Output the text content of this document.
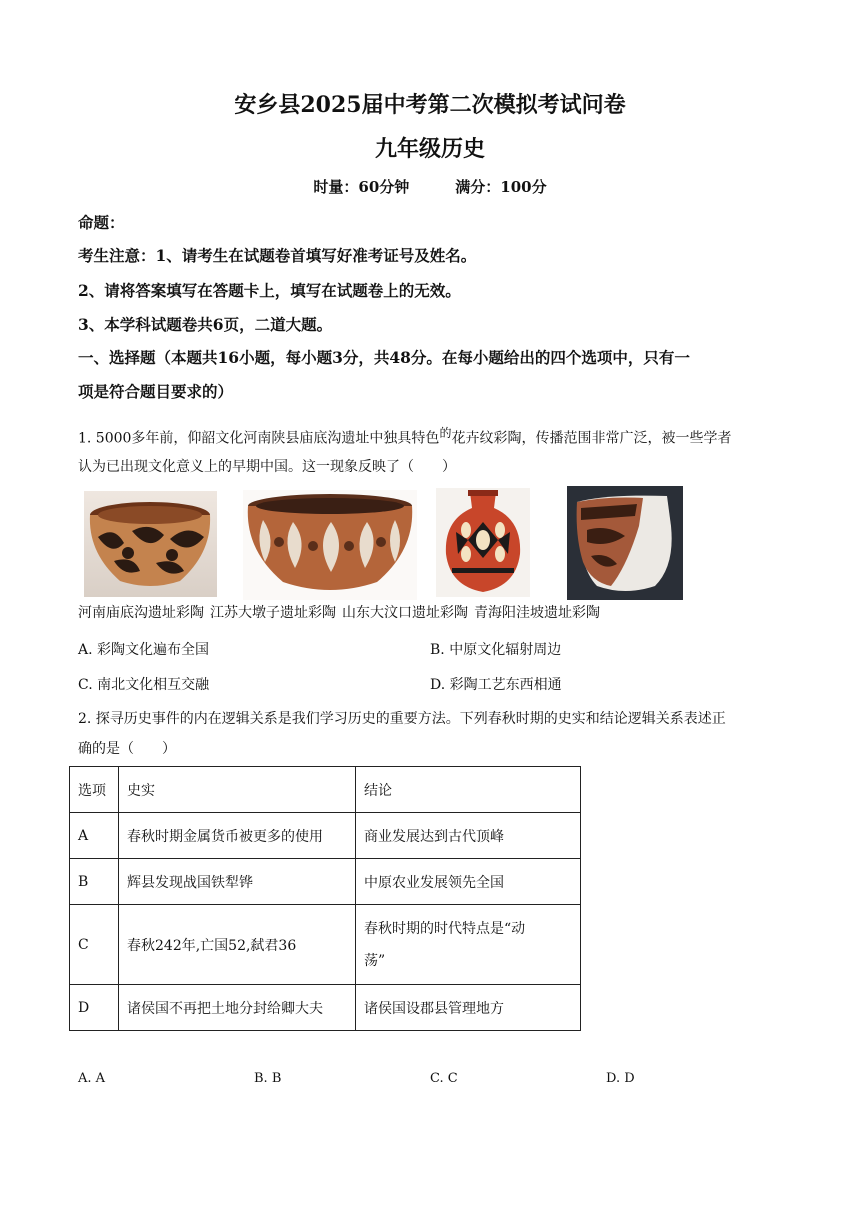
安乡县2025届中考第二次模拟考试问卷
九年级历史
时量：60分钟	满分：100分
命题：
考生注意：1、请考生在试题卷首填写好准考证号及姓名。
2、请将答案填写在答题卡上，填写在试题卷上的无效。
3、本学科试题卷共6页，二道大题。
一、选择题（本题共16小题，每小题3分，共48分。在每小题给出的四个选项中，只有一
项是符合题目要求的）
1. 5000多年前，仰韶文化河南陕县庙底沟遗址中独具特色$^的$花卉纹彩陶，传播范围非常广泛，被一些学者
认为已出现文化意义上的早期中国。这一现象反映了（　　）
河南庙底沟遗址彩陶 江苏大墩子遗址彩陶 山东大汶口遗址彩陶 青海阳洼坡遗址彩陶
A. 彩陶文化遍布全国	B. 中原文化辐射周边
C. 南北文化相互交融	D. 彩陶工艺东西相通
2. 探寻历史事件的内在逻辑关系是我们学习历史的重要方法。下列春秋时期的史实和结论逻辑关系表述正
确的是（　　）
选项	史实	结论
A	春秋时期金属货币被更多的使用	商业发展达到古代顶峰
B	辉县发现战国铁犁铧	中原农业发展领先全国
C	春秋242年,亡国52,弑君36	春秋时期的时代特点是“动
荡”

D	诸侯国不再把土地分封给卿大夫	诸侯国设郡县管理地方
A. A	B. B	C. C	D. D
